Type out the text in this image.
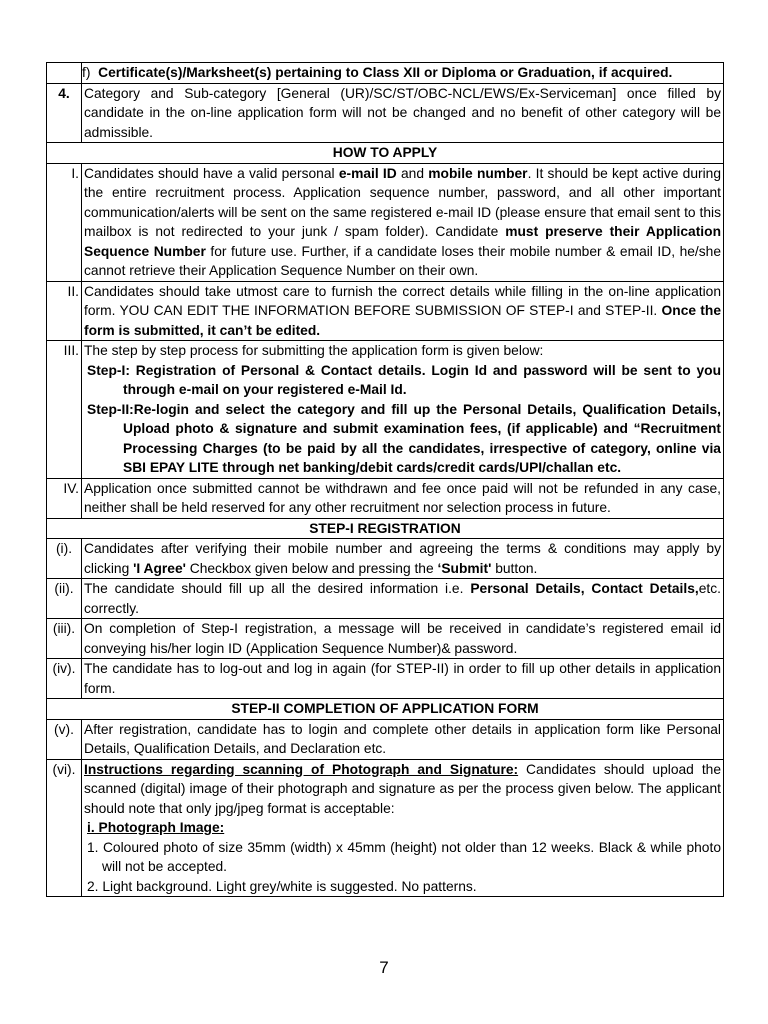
	f) Certificate(s)/Marksheet(s) pertaining to Class XII or Diploma or Graduation, if acquired.
4.	Category and Sub-category [General (UR)/SC/ST/OBC-NCL/EWS/Ex-Serviceman] once filled by candidate in the on-line application form will not be changed and no benefit of other category will be admissible.
HOW TO APPLY	
I.	Candidates should have a valid personal e-mail ID and mobile number. It should be kept active during the entire recruitment process. Application sequence number, password, and all other important communication/alerts will be sent on the same registered e-mail ID (please ensure that email sent to this mailbox is not redirected to your junk / spam folder). Candidate must preserve their Application Sequence Number for future use. Further, if a candidate loses their mobile number & email ID, he/she cannot retrieve their Application Sequence Number on their own.
II.	Candidates should take utmost care to furnish the correct details while filling in the on-line application form. YOU CAN EDIT THE INFORMATION BEFORE SUBMISSION OF STEP-I and STEP-II. Once the form is submitted, it can’t be edited.
III.	The step by step process for submitting the application form is given below:
Step-I: Registration of Personal & Contact details. Login Id and password will be sent to you through e-mail on your registered e-Mail Id.
Step-II:Re-login and select the category and fill up the Personal Details, Qualification Details, Upload photo & signature and submit examination fees, (if applicable) and “Recruitment Processing Charges (to be paid by all the candidates, irrespective of category, online via SBI EPAY LITE through net banking/debit cards/credit cards/UPI/challan etc.

IV.	Application once submitted cannot be withdrawn and fee once paid will not be refunded in any case, neither shall be held reserved for any other recruitment nor selection process in future.
STEP-I REGISTRATION	
(i).	Candidates after verifying their mobile number and agreeing the terms & conditions may apply by clicking 'I Agree' Checkbox given below and pressing the ‘Submit' button.
(ii).	The candidate should fill up all the desired information i.e. Personal Details, Contact Details,etc. correctly.
(iii).	On completion of Step-I registration, a message will be received in candidate’s registered email id conveying his/her login ID (Application Sequence Number)& password.
(iv).	The candidate has to log-out and log in again (for STEP-II) in order to fill up other details in application form.
STEP-II COMPLETION OF APPLICATION FORM	
(v).	After registration, candidate has to login and complete other details in application form like Personal Details, Qualification Details, and Declaration etc.
(vi).	Instructions regarding scanning of Photograph and Signature: Candidates should upload the scanned (digital) image of their photograph and signature as per the process given below. The applicant should note that only jpg/jpeg format is acceptable:
i. Photograph Image:
1. Coloured photo of size 35mm (width) x 45mm (height) not older than 12 weeks. Black & while photo will not be accepted.
2. Light background. Light grey/white is suggested. No patterns.
7
